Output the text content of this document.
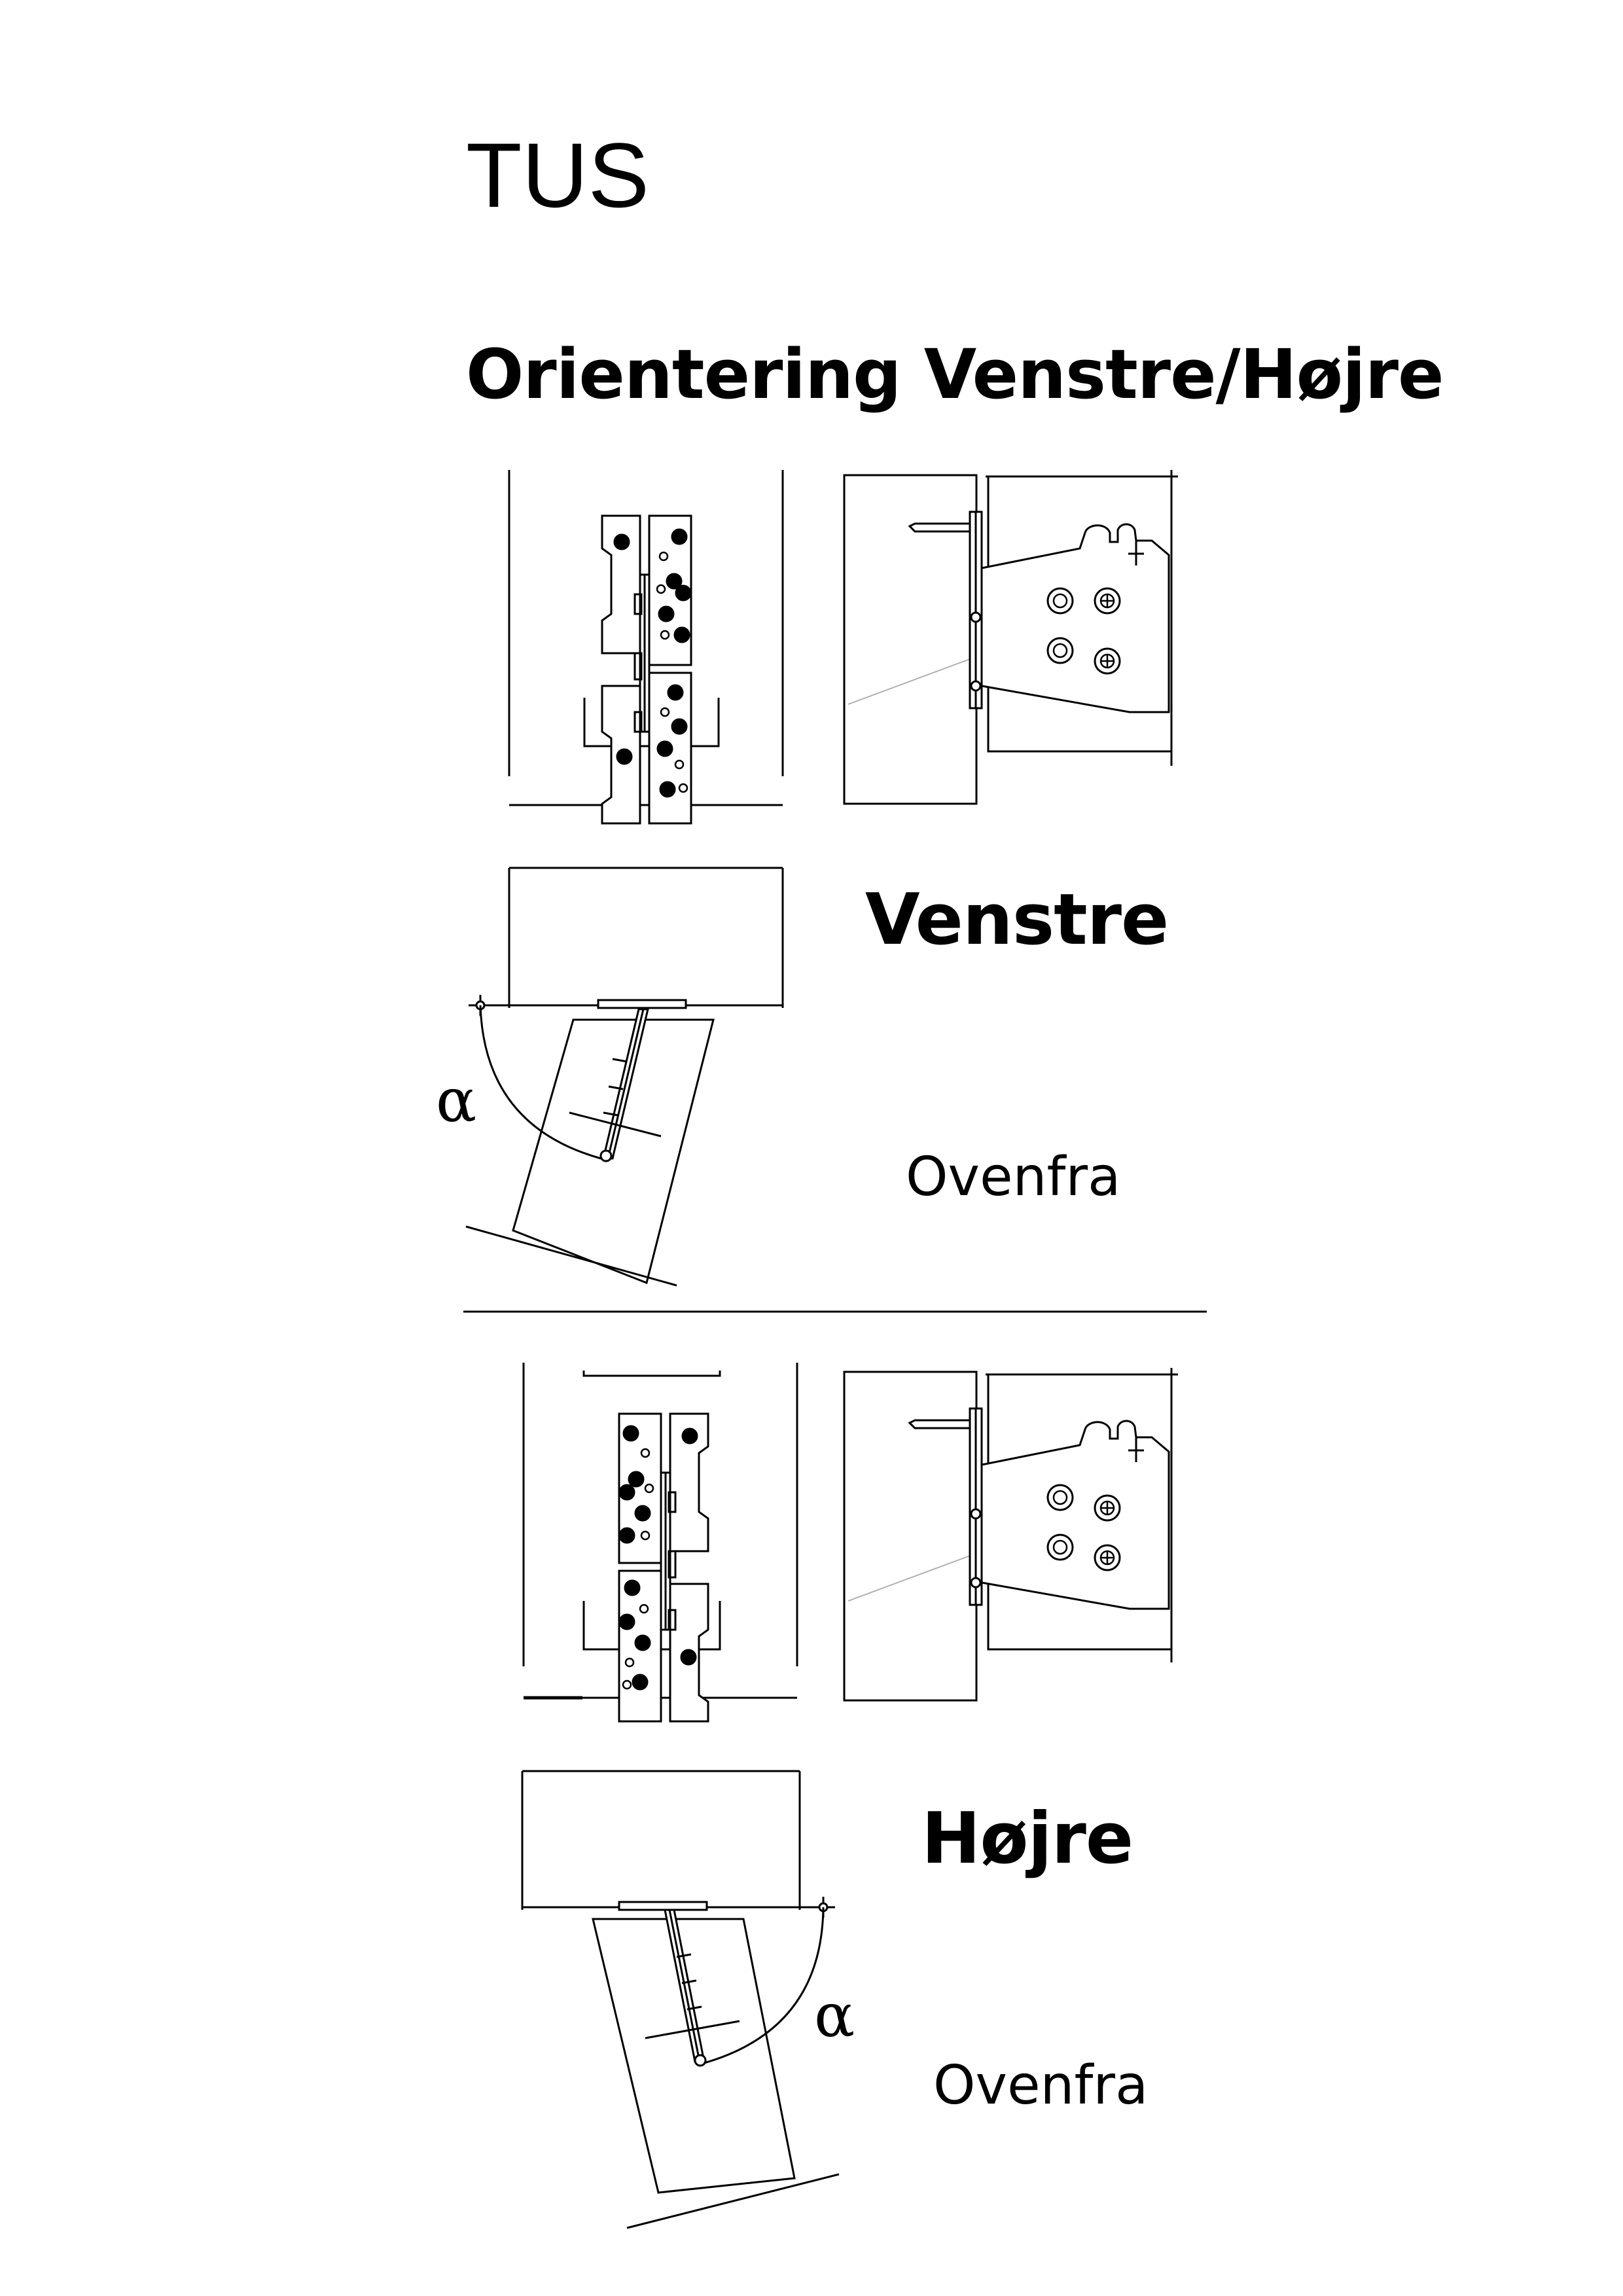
TUS
Orientering Venstre/Højre
Venstre
Ovenfra
α
Højre
Ovenfra
α
